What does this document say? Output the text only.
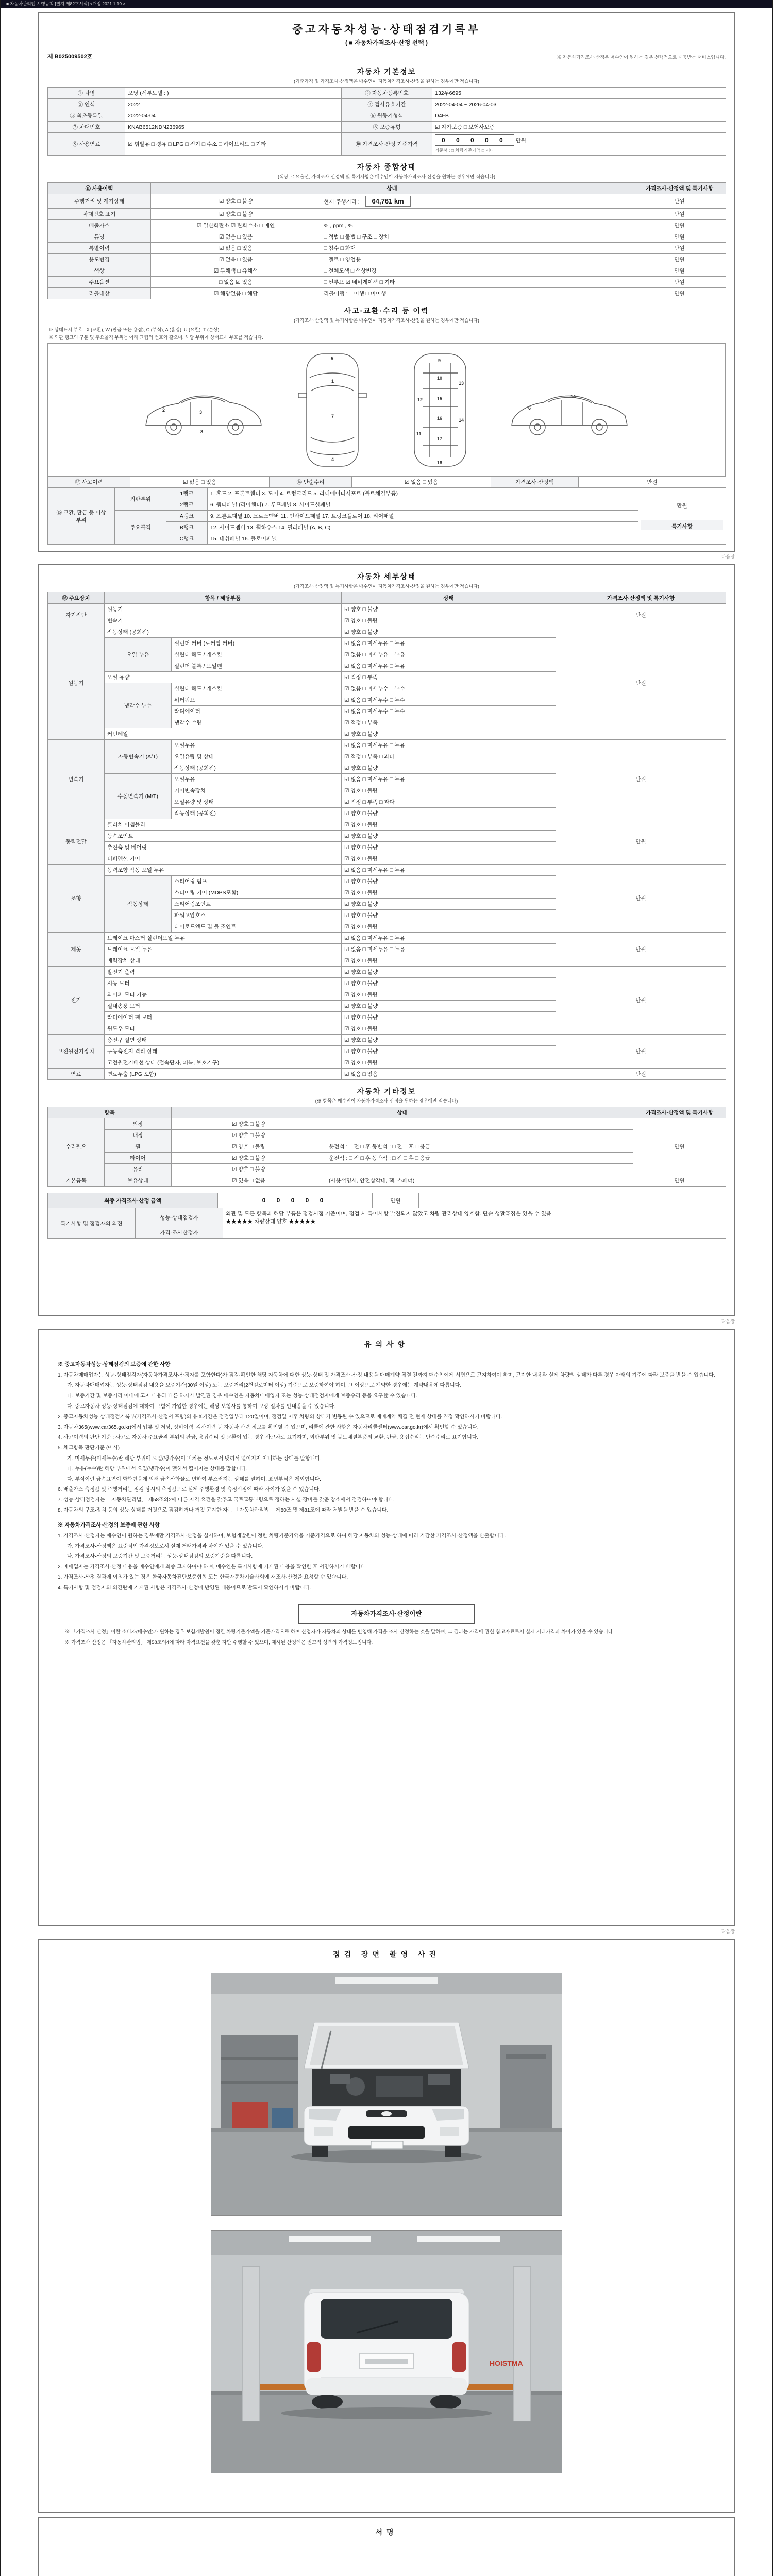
■ 자동차관리법 시행규칙 [별지 제82호서식] <개정 2021.1.19.>
중고자동차성능·상태점검기록부
( ■ 자동차가격조사·산정 선택 )
제 B025009502호	※ 자동차가격조사·산정은 매수인이 원하는 경우 선택적으로 제공받는 서비스입니다.
자동차 기본정보
(기준가격 및 가격조사·산정액은 매수인이 자동차가격조사·산정을 원하는 경우에만 적습니다)
① 차명	모닝 (세부모델 : )	② 자동차등록번호	132두6695
③ 연식	2022	④ 검사유효기간	2022-04-04 ~ 2026-04-03
⑤ 최초등록일	2022-04-04	⑥ 원동기형식	D4FB
⑦ 차대번호	KNAB6512NDN236965	⑧ 보증유형	☑ 자가보증 □ 보험사보증
⑨ 사용연료	☑ 휘발유 □ 경유 □ LPG □ 전기 □ 수소 □ 하이브리드 □ 기타	⑩ 가격조사·산정 기준가격	0 0 0 0 0 만원
기준서 : □ 차량기준가액 □ 기타
자동차 종합상태
(색상, 주요옵션, 가격조사·산정액 및 특기사항은 매수인이 자동차가격조사·산정을 원하는 경우에만 적습니다)
⑪ 사용이력	상태		가격조사·산정액 및 특기사항
주행거리 및 계기상태	☑ 양호 □ 불량	현재 주행거리 : 64,761 km	만원
차대번호 표기	☑ 양호 □ 불량		만원
배출가스	☑ 일산화탄소 ☑ 탄화수소 □ 매연	% , ppm , %	만원
튜닝	☑ 없음 □ 있음	□ 적법 □ 불법 □ 구조 □ 장치	만원
특별이력	☑ 없음 □ 있음	□ 침수 □ 화재	만원
용도변경	☑ 없음 □ 있음	□ 렌트 □ 영업용	만원
색상	☑ 무채색 □ 유채색	□ 전체도색 □ 색상변경	만원
주요옵션	□ 없음 ☑ 있음	□ 썬루프 ☑ 네비게이션 □ 기타	만원
리콜대상	☑ 해당없음 □ 해당	리콜이행 : □ 이행 □ 미이행	만원
사고·교환·수리 등 이력
(가격조사·산정액 및 특기사항은 매수인이 자동차가격조사·산정을 원하는 경우에만 적습니다)
※ 상태표시 부호 : X (교환), W (판금 또는 용접), C (부식), A (흠집), U (요철), T (손상)
※ 외판 랭크의 구분 및 주요골격 부위는 아래 그림의 번호와 같으며, 해당 부위에 상태표시 부호를 적습니다.
2	3
8
5
1
7
4
9
10
12
13
15
16	14
11
17
18
6
14
⑬ 사고이력	☑ 없음 □ 있음	⑭ 단순수리	☑ 없음 □ 있음	가격조사·산정액	만원
⑮ 교환, 판금 등 이상 부위	외판부위	1랭크	1. 후드 2. 프론트휀더 3. 도어 4. 트렁크리드 5. 라디에이터서포트 (볼트체결부품)	만원
특기사항

		2랭크	6. 쿼터패널 (리어휀더) 7. 루프패널 8. 사이드실패널	
	주요골격	A랭크	9. 프론트패널 10. 크로스멤버 11. 인사이드패널 17. 트렁크플로어 18. 리어패널	
		B랭크	12. 사이드멤버 13. 휠하우스 14. 필러패널 (A, B, C)	
		C랭크	15. 대쉬패널 16. 플로어패널	
다음장
자동차 세부상태
(가격조사·산정액 및 특기사항은 매수인이 자동차가격조사·산정을 원하는 경우에만 적습니다)
⑯ 주요장치	항목 / 해당부품		상태	가격조사·산정액 및 특기사항
자기진단	원동기		☑ 양호 □ 불량	만원
	변속기		☑ 양호 □ 불량	
원동기	작동상태 (공회전)		☑ 양호 □ 불량	만원
	오일 누유	실린더 커버 (로커암 커버)	☑ 없음 □ 미세누유 □ 누유	
		실린더 헤드 / 개스킷	☑ 없음 □ 미세누유 □ 누유	
		실린더 블록 / 오일팬	☑ 없음 □ 미세누유 □ 누유	
	오일 유량		☑ 적정 □ 부족	
	냉각수 누수	실린더 헤드 / 개스킷	☑ 없음 □ 미세누수 □ 누수	
		워터펌프	☑ 없음 □ 미세누수 □ 누수	
		라디에이터	☑ 없음 □ 미세누수 □ 누수	
		냉각수 수량	☑ 적정 □ 부족	
	커먼레일		☑ 양호 □ 불량	
변속기	자동변속기 (A/T)	오일누유	☑ 없음 □ 미세누유 □ 누유	만원
		오일유량 및 상태	☑ 적정 □ 부족 □ 과다	
		작동상태 (공회전)	☑ 양호 □ 불량	
	수동변속기 (M/T)	오일누유	☑ 없음 □ 미세누유 □ 누유	
		기어변속장치	☑ 양호 □ 불량	
		오일유량 및 상태	☑ 적정 □ 부족 □ 과다	
		작동상태 (공회전)	☑ 양호 □ 불량	
동력전달	클러치 어셈블리		☑ 양호 □ 불량	만원
	등속조인트		☑ 양호 □ 불량	
	추진축 및 베어링		☑ 양호 □ 불량	
	디퍼렌셜 기어		☑ 양호 □ 불량	
조향	동력조향 작동 오일 누유		☑ 없음 □ 미세누유 □ 누유	만원
	작동상태	스티어링 펌프	☑ 양호 □ 불량	
		스티어링 기어 (MDPS포함)	☑ 양호 □ 불량	
		스티어링조인트	☑ 양호 □ 불량	
		파워고압호스	☑ 양호 □ 불량	
		타이로드엔드 및 볼 조인트	☑ 양호 □ 불량	
제동	브레이크 마스터 실린더오일 누유		☑ 없음 □ 미세누유 □ 누유	만원
	브레이크 오일 누유		☑ 없음 □ 미세누유 □ 누유	
	배력장치 상태		☑ 양호 □ 불량	
전기	발전기 출력		☑ 양호 □ 불량	만원
	시동 모터		☑ 양호 □ 불량	
	와이퍼 모터 기능		☑ 양호 □ 불량	
	실내송풍 모터		☑ 양호 □ 불량	
	라디에이터 팬 모터		☑ 양호 □ 불량	
	윈도우 모터		☑ 양호 □ 불량	
고전원전기장치	충전구 절연 상태		☑ 양호 □ 불량	만원
	구동축전지 격리 상태		☑ 양호 □ 불량	
	고전원전기배선 상태 (접속단자, 피복, 보호기구)		☑ 양호 □ 불량	
연료	연료누출 (LPG 포함)		☑ 없음 □ 있음	만원
자동차 기타정보
(※ 항목은 매수인이 자동차가격조사·산정을 원하는 경우에만 적습니다)
항목		상태		가격조사·산정액 및 특기사항
수리필요	외장	☑ 양호 □ 불량		만원
	내장	☑ 양호 □ 불량		
	휠	☑ 양호 □ 불량	운전석 : □ 전 □ 후 동반석 : □ 전 □ 후 □ 응급	
	타이어	☑ 양호 □ 불량	운전석 : □ 전 □ 후 동반석 : □ 전 □ 후 □ 응급	
	유리	☑ 양호 □ 불량		
기본품목	보유상태	☑ 있음 □ 없음	(사용설명서, 안전삼각대, 잭, 스패너)	만원
최종 가격조사·산정 금액	0 0 0 0 0	만원	
특기사항 및 점검자의 의견	성능·상태점검자	외관 및 모든 항목과 해당 부품은 점검시점 기준이며, 점검 시 특이사항 발견되지 않았고 차량 관리상태 양호함. 단순 생활흠집은 있을 수 있음.
★★★★★ 차량상태 양호 ★★★★★

	가격·조사산정자	
다음장
유의사항
※ 중고자동차성능·상태점검의 보증에 관한 사항
1. 자동차매매업자는 성능·상태점검자(자동차가격조사·산정자를 포함한다)가 점검·확인한 해당 자동차에 대한 성능·상태 및 가격조사·산정 내용을 매매계약 체결 전까지 매수인에게 서면으로 고지하여야 하며, 고지한 내용과 실제 차량의 상태가 다른 경우 아래의 기준에 따라 보증을 받을 수 있습니다.
가. 자동차매매업자는 성능·상태점검 내용을 보증기간(30일 이상) 또는 보증거리(2천킬로미터 이상) 기준으로 보증하여야 하며, 그 이상으로 계약한 경우에는 계약내용에 따릅니다.
나. 보증기간 및 보증거리 이내에 고지 내용과 다른 하자가 발견된 경우 매수인은 자동차매매업자 또는 성능·상태점검자에게 보증수리 등을 요구할 수 있습니다.
다. 중고자동차 성능·상태점검에 대하여 보험에 가입한 경우에는 해당 보험사를 통하여 보상 절차를 안내받을 수 있습니다.
2. 중고자동차성능·상태점검기록부(가격조사·산정서 포함)의 유효기간은 점검일부터 120일이며, 점검일 이후 차량의 상태가 변동될 수 있으므로 매매계약 체결 전 현재 상태를 직접 확인하시기 바랍니다.
3. 자동차365(www.car365.go.kr)에서 압류 및 저당, 정비이력, 검사이력 등 자동차 관련 정보를 확인할 수 있으며, 리콜에 관한 사항은 자동차리콜센터(www.car.go.kr)에서 확인할 수 있습니다.
4. 사고이력의 판단 기준 : 사고로 자동차 주요골격 부위의 판금, 용접수리 및 교환이 있는 경우 사고차로 표기하며, 외판부위 및 볼트체결부품의 교환, 판금, 용접수리는 단순수리로 표기합니다.
5. 체크항목 판단기준 (예시)
가. 미세누유(미세누수)란 해당 부위에 오일(냉각수)이 비치는 정도로서 맺혀서 떨어지지 아니하는 상태를 말합니다.
나. 누유(누수)란 해당 부위에서 오일(냉각수)이 맺혀서 떨어지는 상태를 말합니다.
다. 부식이란 금속표면이 화학반응에 의해 금속산화물로 변하여 부스러지는 상태를 말하며, 표면부식은 제외합니다.
6. 배출가스 측정값 및 주행거리는 점검 당시의 측정값으로 실제 주행환경 및 측정시점에 따라 차이가 있을 수 있습니다.
7. 성능·상태점검자는 「자동차관리법」 제58조의2에 따른 자격 요건을 갖추고 국토교통부령으로 정하는 시설·장비를 갖춘 장소에서 점검하여야 합니다.
8. 자동차의 구조·장치 등의 성능·상태를 거짓으로 점검하거나 거짓 고지한 자는 「자동차관리법」 제80조 및 제81조에 따라 처벌을 받을 수 있습니다.
※ 자동차가격조사·산정의 보증에 관한 사항
1. 가격조사·산정자는 매수인이 원하는 경우에만 가격조사·산정을 실시하며, 보험개발원이 정한 차량기준가액을 기준가격으로 하여 해당 자동차의 성능·상태에 따라 가감한 가격조사·산정액을 산출합니다.
가. 가격조사·산정액은 표준적인 가격정보로서 실제 거래가격과 차이가 있을 수 있습니다.
나. 가격조사·산정의 보증기간 및 보증거리는 성능·상태점검의 보증기준을 따릅니다.
2. 매매업자는 가격조사·산정 내용을 매수인에게 최종 고지하여야 하며, 매수인은 특기사항에 기재된 내용을 확인한 후 서명하시기 바랍니다.
3. 가격조사·산정 결과에 이의가 있는 경우 한국자동차진단보증협회 또는 한국자동차기술사회에 재조사·산정을 요청할 수 있습니다.
4. 특기사항 및 점검자의 의견란에 기재된 사항은 가격조사·산정에 반영된 내용이므로 반드시 확인하시기 바랍니다.
자동차가격조사·산정이란
※ 「가격조사·산정」이란 소비자(매수인)가 원하는 경우 보험개발원이 정한 차량기준가액을 기준가격으로 하여 산정자가 자동차의 상태를 반영해 가격을 조사·산정하는 것을 말하며, 그 결과는 가격에 관한 참고자료로서 실제 거래가격과 차이가 있을 수 있습니다.
※ 가격조사·산정은 「자동차관리법」 제58조의4에 따라 자격요건을 갖춘 자만 수행할 수 있으며, 제시된 산정액은 권고적 성격의 가격정보입니다.
다음장
점검 장면 촬영 사진
HOISTMA
서명
